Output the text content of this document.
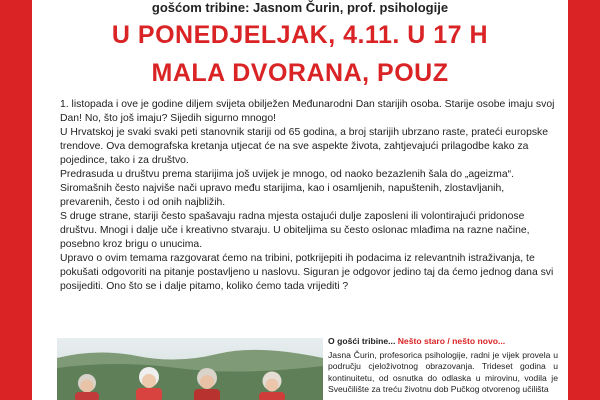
gošćom tribine: Jasnom Čurin, prof. psihologije
U PONEDJELJAK, 4.11. U 17 H
MALA DVORANA, POUZ

1. listopada i ove je godine diljem svijeta obilježen Međunarodni Dan starijih osoba. Starije osobe imaju svoj Dan! No, što još imaju? Sijedih sigurno mnogo!

U Hrvatskoj je svaki svaki peti stanovnik stariji od 65 godina, a broj starijih ubrzano raste, prateći europske trendove. Ova demografska kretanja utjecat će na sve aspekte života, zahtjevajući prilagodbe kako za pojedince, tako i za društvo.

Predrasuda u društvu prema starijima još uvijek je mnogo, od naoko bezazlenih šala do „ageizma“.

Siromašnih često najviše nači upravo među starijima, kao i osamljenih, napuštenih, zlostavljanih, prevarenih, često i od onih najbližih.

S druge strane, stariji često spašavaju radna mjesta ostajući dulje zaposleni ili volontirajući pridonose društvu. Mnogi i dalje uče i kreativno stvaraju. U obiteljima su često oslonac mlađima na razne načine, posebno kroz brigu o unucima.

Upravo o ovim temama razgovarat ćemo na tribini, potkrijepiti ih podacima iz relevantnih istraživanja, te pokušati odgovoriti na pitanje postavljeno u naslovu. Siguran je odgovor jedino taj da ćemo jednog dana svi posijediti. Ono što se i dalje pitamo, koliko ćemo tada vrijediti ?

O gošći tribine... Nešto staro / nešto novo...

Jasna Čurin, profesorica psihologije, radni je vijek provela u području cjeloživotnog obrazovanja. Trideset godina u kontinuitetu, od osnutka do odlaska u mirovinu, vodila je Sveučilište za treću životnu dob Pučkog otvorenog učilišta
